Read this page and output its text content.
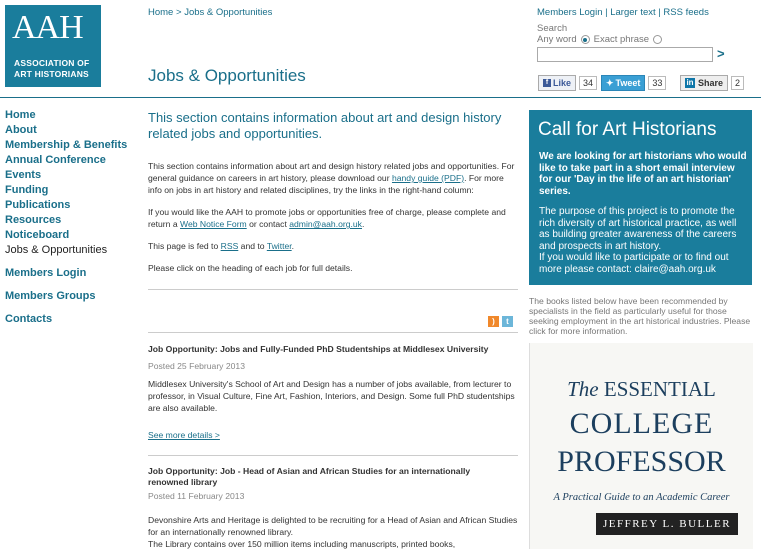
AAH
ASSOCIATION OF
ART HISTORIANS
Home > Jobs & Opportunities	Members Login | Larger text | RSS feeds
Search
Any word Exact phrase
>
Jobs & Opportunities	f Like	34	✦ Tweet	33	in Share	2
Home
About
Membership & Benefits
Annual Conference
Events
Funding
Publications
Resources
Noticeboard
Jobs & Opportunities
Members Login
Members Groups
Contacts
This section contains information about art and design history related jobs and opportunities.
This section contains information about art and design history related jobs and opportunities. For general guidance on careers in art history, please download our handy guide (PDF). For more info on jobs in art history and related disciplines, try the links in the right-hand column:
If you would like the AAH to promote jobs or opportunities free of charge, please complete and return a Web Notice Form or contact admin@aah.org.uk.
This page is fed to RSS and to Twitter.
Please click on the heading of each job for full details.
)	t
Job Opportunity: Jobs and Fully-Funded PhD Studentships at Middlesex University
Posted 25 February 2013
Middlesex University's School of Art and Design has a number of jobs available, from lecturer to professor, in Visual Culture, Fine Art, Fashion, Interiors, and Design. Some full PhD studentships are also available.
See more details >
Job Opportunity: Job - Head of Asian and African Studies for an internationally renowned library
Posted 11 February 2013
Devonshire Arts and Heritage is delighted to be recruiting for a Head of Asian and African Studies for an internationally renowned library.
The Library contains over 150 million items including manuscripts, printed books,
Call for Art Historians
We are looking for art historians who would like to take part in a short email interview for our 'Day in the life of an art historian' series.
The purpose of this project is to promote the rich diversity of art historical practice, as well as building greater awareness of the careers and prospects in art history.
If you would like to participate or to find out more please contact: claire@aah.org.uk
The books listed below have been recommended by specialists in the field as particularly useful for those seeking employment in the art historical industries. Please click for more information.
The ESSENTIAL
COLLEGE
PROFESSOR
A Practical Guide to an Academic Career
JEFFREY L. BULLER
